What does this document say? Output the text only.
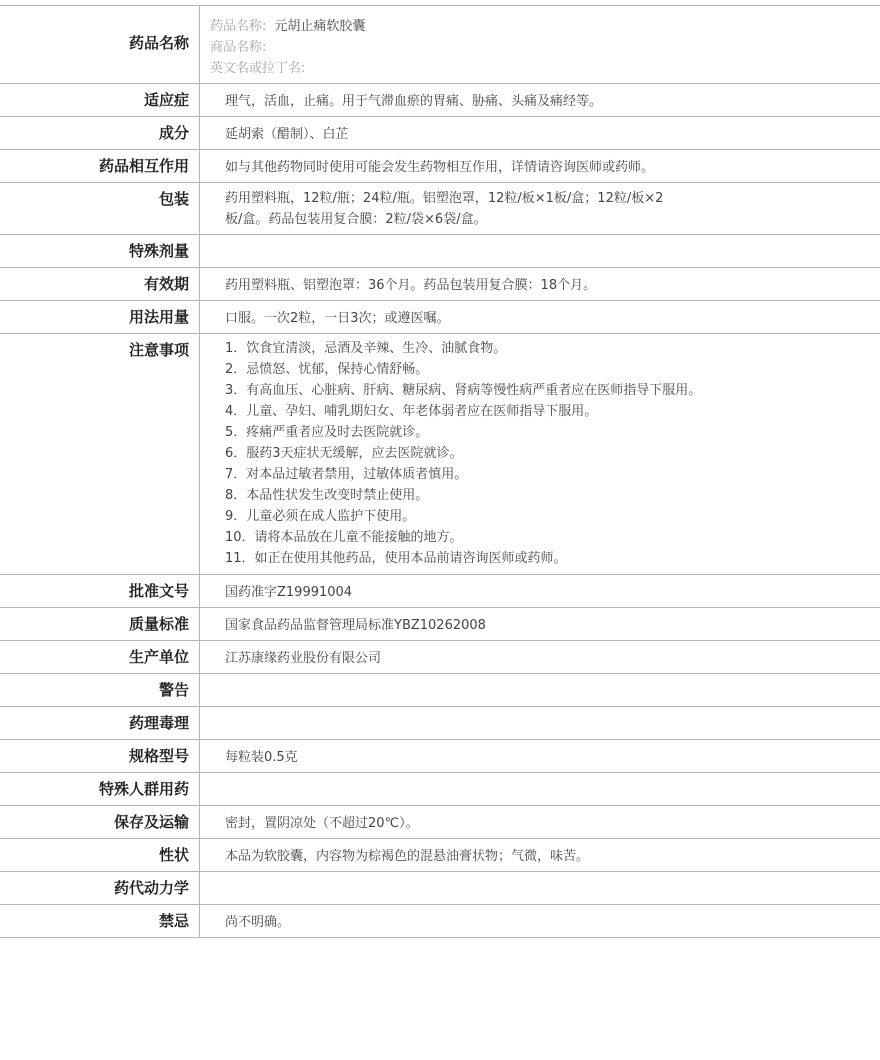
药品名称
药品名称: 元胡止痛软胶囊
商品名称:
英文名或拉丁名:
适应症	理气，活血，止痛。用于气滞血瘀的胃痛、胁痛、头痛及痛经等。
成分	延胡索（醋制）、白芷
药品相互作用	如与其他药物同时使用可能会发生药物相互作用，详情请咨询医师或药师。
包装	药用塑料瓶，12粒/瓶；24粒/瓶。铝塑泡罩，12粒/板×1板/盒；12粒/板×2
板/盒。药品包装用复合膜：2粒/袋×6袋/盒。
特殊剂量
有效期	药用塑料瓶、铝塑泡罩：36个月。药品包装用复合膜：18个月。
用法用量	口服。一次2粒，一日3次；或遵医嘱。
注意事项	1．饮食宜清淡，忌酒及辛辣、生冷、油腻食物。
2．忌愤怒、忧郁，保持心情舒畅。
3．有高血压、心脏病、肝病、糖尿病、肾病等慢性病严重者应在医师指导下服用。
4．儿童、孕妇、哺乳期妇女、年老体弱者应在医师指导下服用。
5．疼痛严重者应及时去医院就诊。
6．服药3天症状无缓解，应去医院就诊。
7．对本品过敏者禁用，过敏体质者慎用。
8．本品性状发生改变时禁止使用。
9．儿童必须在成人监护下使用。
10．请将本品放在儿童不能接触的地方。
11．如正在使用其他药品，使用本品前请咨询医师或药师。
批准文号	国药准字Z19991004
质量标准	国家食品药品监督管理局标准YBZ10262008
生产单位	江苏康缘药业股份有限公司
警告
药理毒理
规格型号	每粒装0.5克
特殊人群用药
保存及运输	密封，置阴凉处（不超过20℃）。
性状	本品为软胶囊，内容物为棕褐色的混悬油膏状物；气微，味苦。
药代动力学
禁忌	尚不明确。
